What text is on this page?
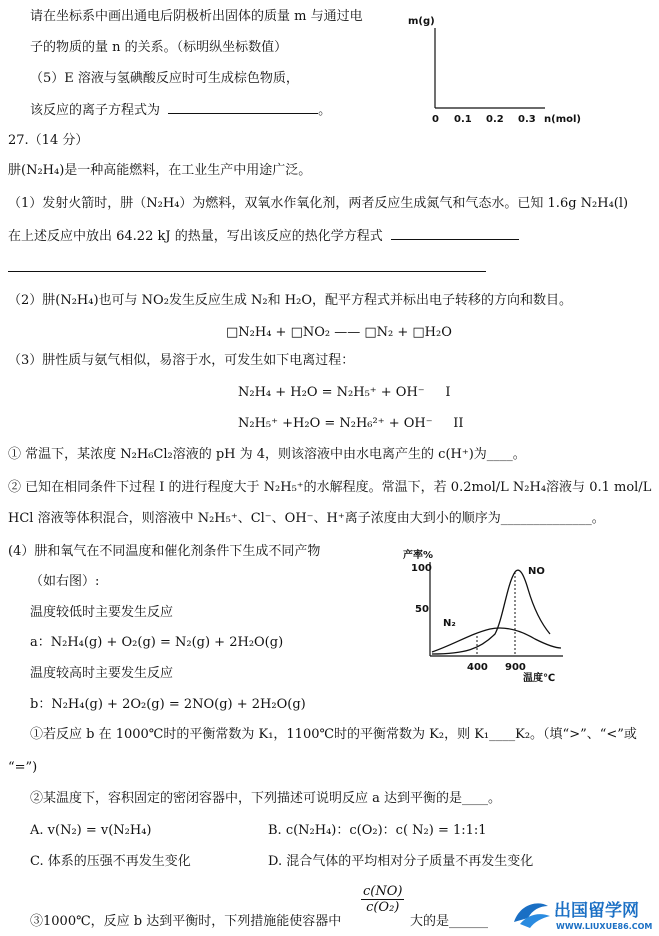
请在坐标系中画出通电后阴极析出固体的质量 m 与通过电
子的物质的量 n 的关系。（标明纵坐标数值）
（5）E 溶液与氢碘酸反应时可生成棕色物质，
该反应的离子方程式为	。
m(g)
0 0.1 0.2 0.3 n(mol)
27.（14 分）
肼(N₂H₄)是一种高能燃料，在工业生产中用途广泛。
（1）发射火箭时，肼（N₂H₄）为燃料，双氧水作氧化剂，两者反应生成氮气和气态水。已知 1.6g N₂H₄(l)
在上述反应中放出 64.22 kJ 的热量，写出该反应的热化学方程式
（2）肼(N₂H₄)也可与 NO₂发生反应生成 N₂和 H₂O，配平方程式并标出电子转移的方向和数目。
□N₂H₄ + □NO₂ —— □N₂ + □H₂O
（3）肼性质与氨气相似，易溶于水，可发生如下电离过程：
N₂H₄ + H₂O = N₂H₅⁺ + OH⁻     I
N₂H₅⁺ +H₂O = N₂H₆²⁺ + OH⁻     II
① 常温下，某浓度 N₂H₆Cl₂溶液的 pH 为 4，则该溶液中由水电离产生的 c(H⁺)为____。
② 已知在相同条件下过程 I 的进行程度大于 N₂H₅⁺的水解程度。常温下，若 0.2mol/L N₂H₄溶液与 0.1 mol/L
HCl 溶液等体积混合，则溶液中 N₂H₅⁺、Cl⁻、OH⁻、H⁺离子浓度由大到小的顺序为______________。
(4）肼和氧气在不同温度和催化剂条件下生成不同产物
（如右图）:
温度较低时主要发生反应
a：N₂H₄(g) + O₂(g) = N₂(g) + 2H₂O(g)
温度较高时主要发生反应
b：N₂H₄(g) + 2O₂(g) = 2NO(g) + 2H₂O(g)
产率%
100
50
NO
N₂
400 900
温度℃
①若反应 b 在 1000℃时的平衡常数为 K₁，1100℃时的平衡常数为 K₂，则 K₁____K₂。（填“>”、“<”或
“=”)
②某温度下，容积固定的密闭容器中，下列描述可说明反应 a 达到平衡的是____。
A. v(N₂) = v(N₂H₄)	B. c(N₂H₄)：c(O₂)：c( N₂) = 1:1:1
C. 体系的压强不再发生变化	D. 混合气体的平均相对分子质量不再发生变化
③1000℃，反应 b 达到平衡时，下列措施能使容器中
$\frac{c(NO)}{\text{c(O₂)}}$
大的是______
出国留学网
WWW.LIUXUE86.COM
